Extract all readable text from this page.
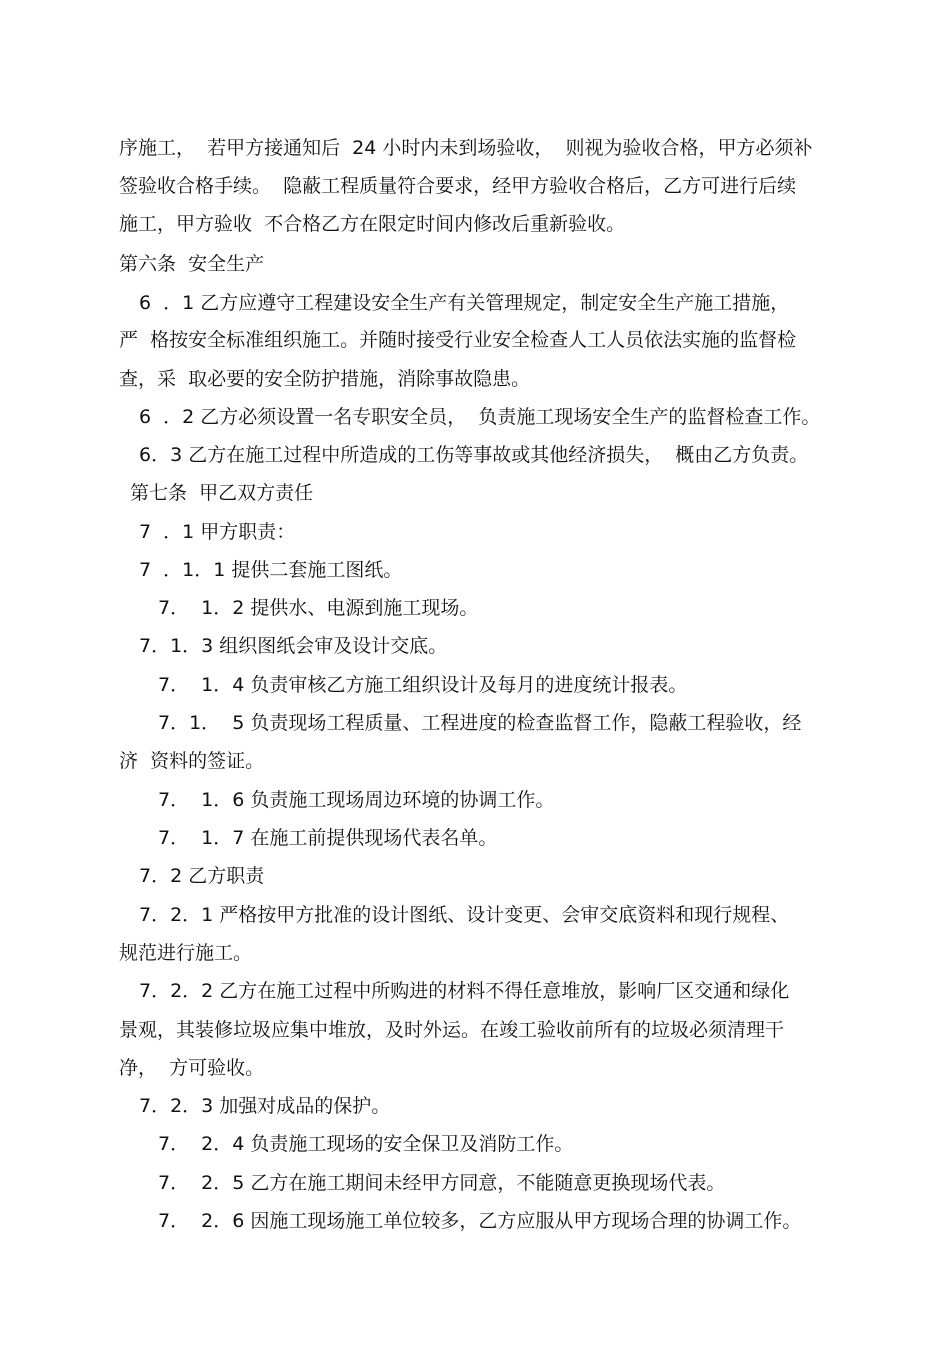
序施工，  若甲方接通知后  24 小时内未到场验收，  则视为验收合格，甲方必须补
签验收合格手续。  隐蔽工程质量符合要求，经甲方验收合格后，乙方可进行后续
施工，甲方验收  不合格乙方在限定时间内修改后重新验收。
第六条  安全生产
6  ．1 乙方应遵守工程建设安全生产有关管理规定，制定安全生产施工措施，
严  格按安全标准组织施工。并随时接受行业安全检查人工人员依法实施的监督检
查，采  取必要的安全防护措施，消除事故隐患。
6  ．2 乙方必须设置一名专职安全员，  负责施工现场安全生产的监督检查工作。
6．3 乙方在施工过程中所造成的工伤等事故或其他经济损失，  概由乙方负责。
第七条  甲乙双方责任
7  ．1 甲方职责：
7  ．1．1 提供二套施工图纸。
7．  1．2 提供水、电源到施工现场。
7．1．3 组织图纸会审及设计交底。
7．  1．4 负责审核乙方施工组织设计及每月的进度统计报表。
7．1．  5 负责现场工程质量、工程进度的检查监督工作，隐蔽工程验收，经
济  资料的签证。
7．  1．6 负责施工现场周边环境的协调工作。
7．  1．7 在施工前提供现场代表名单。
7．2 乙方职责
7．2．1 严格按甲方批准的设计图纸、设计变更、会审交底资料和现行规程、
规范进行施工。
7．2．2 乙方在施工过程中所购进的材料不得任意堆放，影响厂区交通和绿化
景观，其装修垃圾应集中堆放，及时外运。在竣工验收前所有的垃圾必须清理干
净，  方可验收。
7．2．3 加强对成品的保护。
7．  2．4 负责施工现场的安全保卫及消防工作。
7．  2．5 乙方在施工期间未经甲方同意，不能随意更换现场代表。
7．  2．6 因施工现场施工单位较多，乙方应服从甲方现场合理的协调工作。
